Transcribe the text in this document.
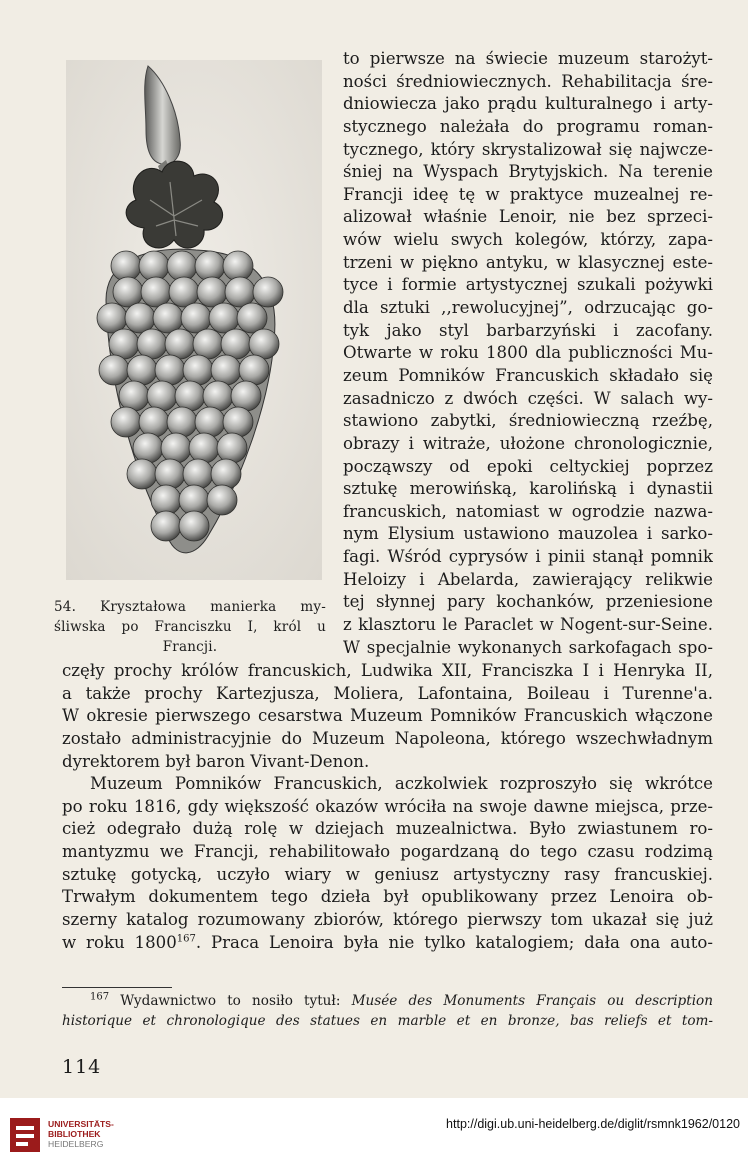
54. Kryształowa manierka my-
śliwska po Franciszku I, król u
Francji.
to pierwsze na świecie muzeum starożyt-
ności średniowiecznych. Rehabilitacja śre-
dniowiecza jako prądu kulturalnego i arty-
stycznego należała do programu roman-
tycznego, który skrystalizował się najwcze-
śniej na Wyspach Brytyjskich. Na terenie
Francji ideę tę w praktyce muzealnej re-
alizował właśnie Lenoir, nie bez sprzeci-
wów wielu swych kolegów, którzy, zapa-
trzeni w piękno antyku, w klasycznej este-
tyce i formie artystycznej szukali pożywki
dla sztuki ,,rewolucyjnej”, odrzucając go-
tyk jako styl barbarzyński i zacofany.
Otwarte w roku 1800 dla publiczności Mu-
zeum Pomników Francuskich składało się
zasadniczo z dwóch części. W salach wy-
stawiono zabytki, średniowieczną rzeźbę,
obrazy i witraże, ułożone chronologicznie,
począwszy od epoki celtyckiej poprzez
sztukę merowińską, karolińską i dynastii
francuskich, natomiast w ogrodzie nazwa-
nym Elysium ustawiono mauzolea i sarko-
fagi. Wśród cyprysów i pinii stanął pomnik
Heloizy i Abelarda, zawierający relikwie
tej słynnej pary kochanków, przeniesione
z klasztoru le Paraclet w Nogent-sur-Seine.
W specjalnie wykonanych sarkofagach spo-
częły prochy królów francuskich, Ludwika XII, Franciszka I i Henryka II,
a także prochy Kartezjusza, Moliera, Lafontaina, Boileau i Turenne'a.
W okresie pierwszego cesarstwa Muzeum Pomników Francuskich włączone
zostało administracyjnie do Muzeum Napoleona, którego wszechwładnym
dyrektorem był baron Vivant-Denon.
Muzeum Pomników Francuskich, aczkolwiek rozproszyło się wkrótce
po roku 1816, gdy większość okazów wróciła na swoje dawne miejsca, prze-
cież odegrało dużą rolę w dziejach muzealnictwa. Było zwiastunem ro-
mantyzmu we Francji, rehabilitowało pogardzaną do tego czasu rodzimą
sztukę gotycką, uczyło wiary w geniusz artystyczny rasy francuskiej.
Trwałym dokumentem tego dzieła był opublikowany przez Lenoira ob-
szerny katalog rozumowany zbiorów, którego pierwszy tom ukazał się już
w roku 1800$^{167}$. Praca Lenoira była nie tylko katalogiem; dała ona auto-
$^{167}$ Wydawnictwo to nosiło tytuł: Musée des Monuments Français ou description
historique et chronologique des statues en marble et en bronze, bas reliefs et tom-
114
UNIVERSITÄTS-
BIBLIOTHEK
HEIDELBERG
http://digi.ub.uni-heidelberg.de/diglit/rsmnk1962/0120
